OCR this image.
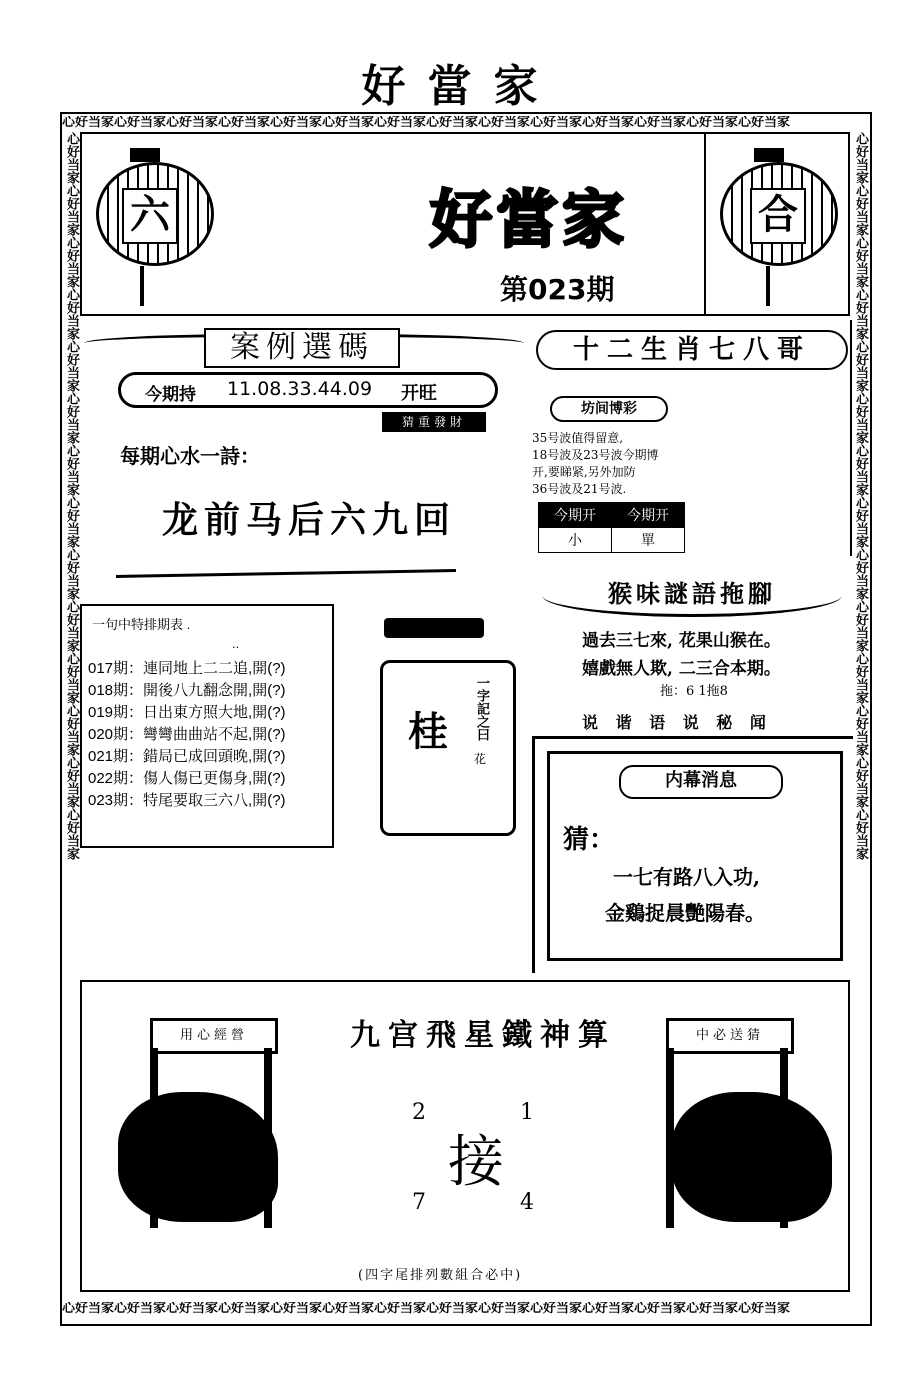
好當家
心好当家心好当家心好当家心好当家心好当家心好当家心好当家心好当家心好当家心好当家心好当家心好当家心好当家心好当家
心好当家心好当家心好当家心好当家心好当家心好当家心好当家心好当家心好当家心好当家心好当家心好当家心好当家心好当家
心好当家心好当家心好当家心好当家心好当家心好当家心好当家心好当家心好当家心好当家心好当家心好当家心好当家心好当家	心好当家心好当家心好当家心好当家心好当家心好当家心好当家心好当家心好当家心好当家心好当家心好当家心好当家心好当家
六	好當家
第023期
合
案例選碼
今期持 11.08.33.44.09 开旺
猜重發財
每期心水一詩：
龙前马后六九回
十二生肖七八哥
坊间博彩
35号波值得留意,
18号波及23号波今期博
开,要睇紧,另外加防
36号波及21号波.
今期开	今期开
小	單
一句中特排期表 .
..
017期：連同地上二二追,開(?)
018期：開後八九翻念開,開(?)
019期：日出東方照大地,開(?)
020期：彎彎曲曲站不起,開(?)
021期：錯局已成回頭晚,開(?)
022期：傷人傷已更傷身,開(?)
023期：特尾要取三六八,開(?)
桂 一字記之曰
花
猴味謎語拖腳
過去三七來, 花果山猴在。
嬉戲無人欺, 二三合本期。
拖：6 1拖8
说 谐 语 说 秘 闻
内幕消息
猜：
一七有路八入功,
金鷄捉晨艷陽春。
用心經營	中必送猜
九宫飛星鐵神算
2	1
接
7	4
(四字尾排列數組合必中)
